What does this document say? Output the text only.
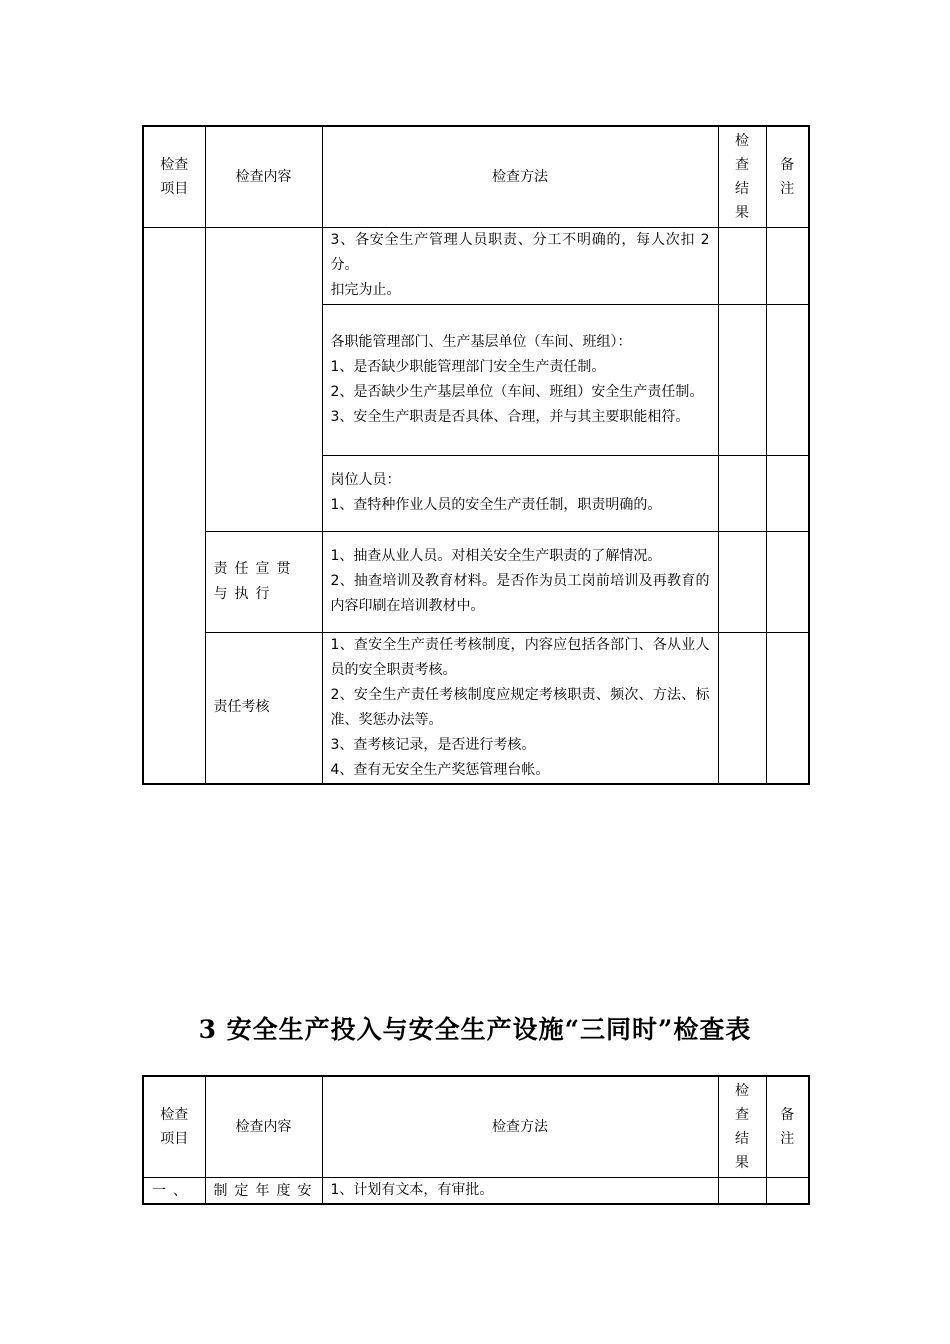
检查项目	检查内容	检查方法	检查结果	备注

		3、各安全生产管理人员职责、分工不明确的，每人次扣 2 分。
扣完为止。		

		各职能管理部门、生产基层单位（车间、班组）：
1、是否缺少职能管理部门安全生产责任制。
2、是否缺少生产基层单位（车间、班组）安全生产责任制。
3、安全生产职责是否具体、合理，并与其主要职能相符。		

		岗位人员：
1、查特种作业人员的安全生产责任制，职责明确的。		

	责任宣贯与执行	1、抽查从业人员。对相关安全生产职责的了解情况。
2、抽查培训及教育材料。是否作为员工岗前培训及再教育的内容印刷在培训教材中。		

	责任考核	1、查安全生产责任考核制度，内容应包括各部门、各从业人员的安全职责考核。
2、安全生产责任考核制度应规定考核职责、频次、方法、标准、奖惩办法等。
3、查考核记录，是否进行考核。
4、查有无安全生产奖惩管理台帐。		

3 安全生产投入与安全生产设施“三同时”检查表
检查项目	检查内容	检查方法	检查结果	备注
一、	制定年度安	1、计划有文本，有审批。		
